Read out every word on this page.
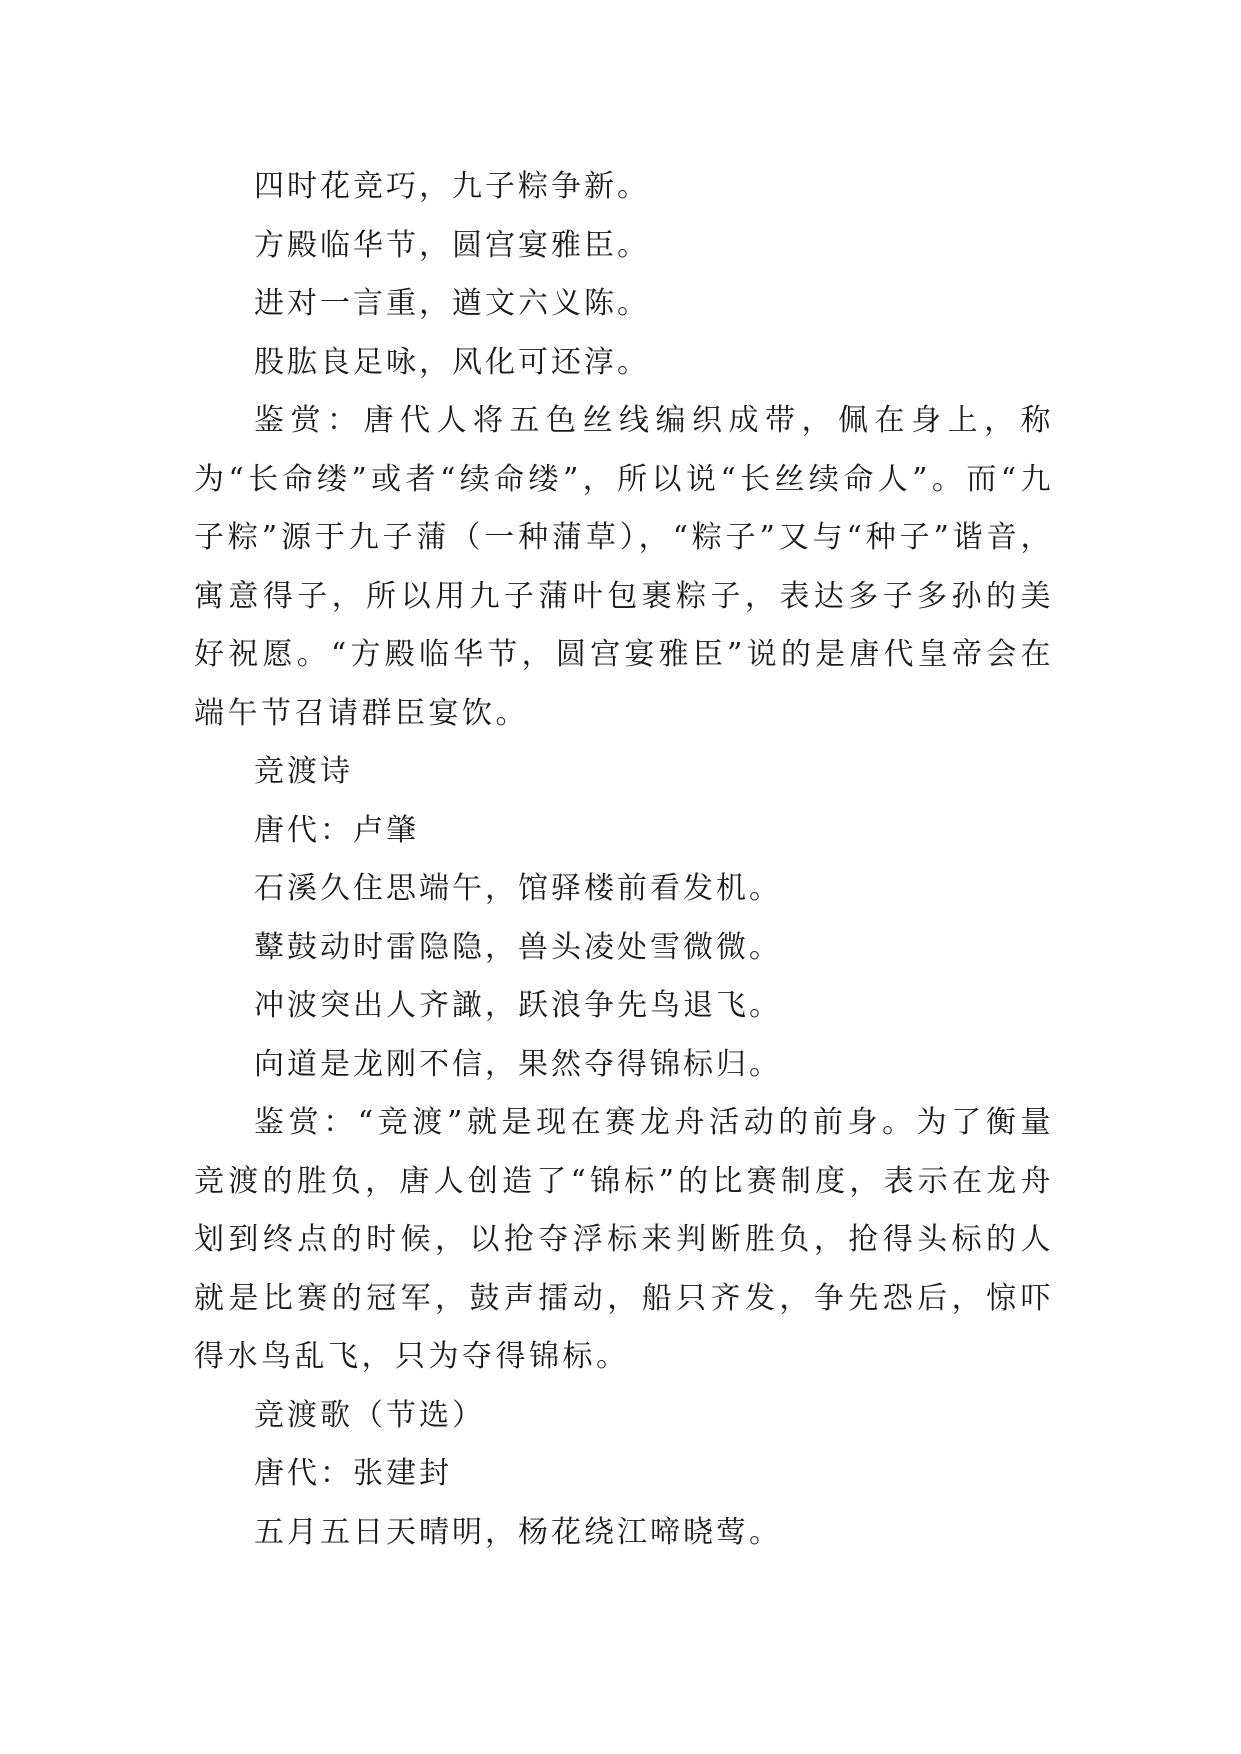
四时花竞巧，九子粽争新。

方殿临华节，圆宫宴雅臣。

进对一言重，遒文六义陈。

股肱良足咏，风化可还淳。

鉴赏：唐代人将五色丝线编织成带，佩在身上，称为“长命缕”或者“续命缕”，所以说“长丝续命人”。而“九子粽”源于九子蒲（一种蒲草），“粽子”又与“种子”谐音，寓意得子，所以用九子蒲叶包裹粽子，表达多子多孙的美好祝愿。“方殿临华节，圆宫宴雅臣”说的是唐代皇帝会在端午节召请群臣宴饮。

竞渡诗

唐代：卢肇

石溪久住思端午，馆驿楼前看发机。

鼙鼓动时雷隐隐，兽头凌处雪微微。

冲波突出人齐譀，跃浪争先鸟退飞。

向道是龙刚不信，果然夺得锦标归。

鉴赏：“竞渡”就是现在赛龙舟活动的前身。为了衡量竞渡的胜负，唐人创造了“锦标”的比赛制度，表示在龙舟划到终点的时候，以抢夺浮标来判断胜负，抢得头标的人就是比赛的冠军，鼓声擂动，船只齐发，争先恐后，惊吓得水鸟乱飞，只为夺得锦标。

竞渡歌（节选）

唐代：张建封

五月五日天晴明，杨花绕江啼晓莺。
